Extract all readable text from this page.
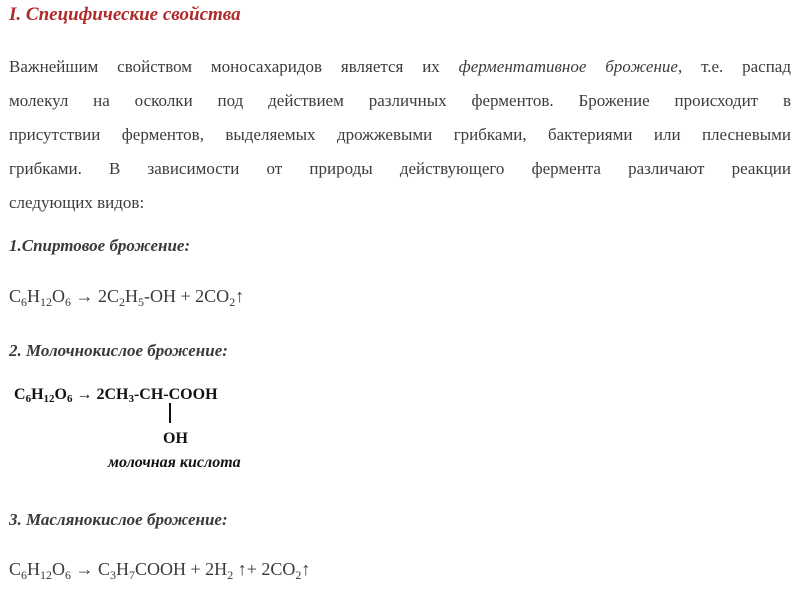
I. Специфические свойства
Важнейшим свойством моносахаридов является их ферментативное брожение, т.е. распад
молекул на осколки под действием различных ферментов. Брожение происходит в
присутствии ферментов, выделяемых дрожжевыми грибками, бактериями или плесневыми
грибками. В зависимости от природы действующего фермента различают реакции
следующих видов:
1.Спиртовое брожение:
$C_6H_{12}O_6 \to 2C_2H_5-OH$ + $2CO_2↑$
2. Молочнокислое брожение:
$C_6H_{12}O_6$ → $2CH_3-CH$-COOH
OH
молочная кислота
3. Маслянокислое брожение:
$C_6H_{12}O_6$ → $C_3H_7COOH + 2H_2$ ↑+ $2CO_2↑$
